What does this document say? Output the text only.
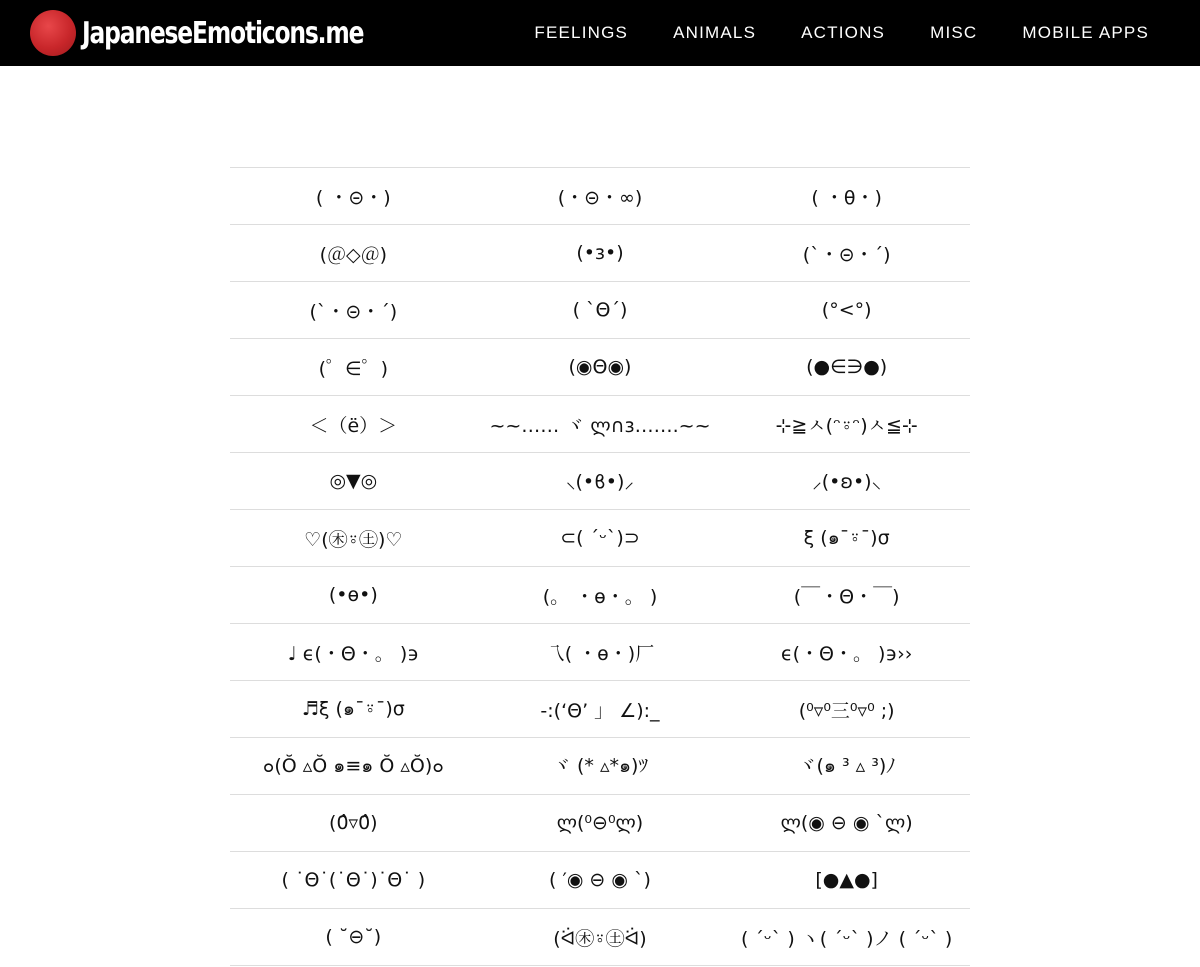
JapaneseEmoticons.me	FEELINGS	ANIMALS	ACTIONS	MISC	MOBILE APPS
( ・⊝・)	(・⊝・∞)	( ・θ・)
(＠◇＠)	(•ɜ•)	(`・⊝・´)
(`・⊝・´)	( `Θ´)	(°<°)
(゜∈゜)	(◉Θ◉)	(●∈∋●)
＜（ë）＞	~~…… ヾ ლ∩ɜ…….~~	⊹≧ㅅ(ᵔ⍤ᵔ)ㅅ≦⊹
◎▼◎	⸜(•ϐ•)⸝	⸝(•ʚ•)⸜
♡(㊍⍤㊏)♡	⊂( ´ᵕ`)⊃	ξ (๑¯⍤¯)σ
(•ө•)	(。 ・ө・。 )	(￣・Θ・￣)
♩ ϵ(・Θ・。 )϶	乁( ・ө・)厂	ϵ(・Θ・。 )϶››
♬ξ (๑¯⍤¯)σ	-:(‘Θ’ 」 ∠):_	(⁰▿⁰三⁰▿⁰ ;)
๐(Ŏ ▵Ŏ ๑≡๑ Ŏ ▵Ŏ)๐	ヾ (* ▵*๑)ﾂ	ヾ(๑ ³ ▵ ³)ﾉ
(0̂▿0̂)	ლ(⁰⊖⁰ლ)	ლ(◉ ⊖ ◉ `ლ)
( ˙Θ˙(˙Θ˙)˙Θ˙ )	( ′◉ ⊖ ◉ `)	[●▲●]
( ˘⊖˘)	(ᐛ㊍⍤㊏ᐛ)	( ´ᵕ` ) ヽ( ´ᵕ` )ノ ( ´ᵕ` )
